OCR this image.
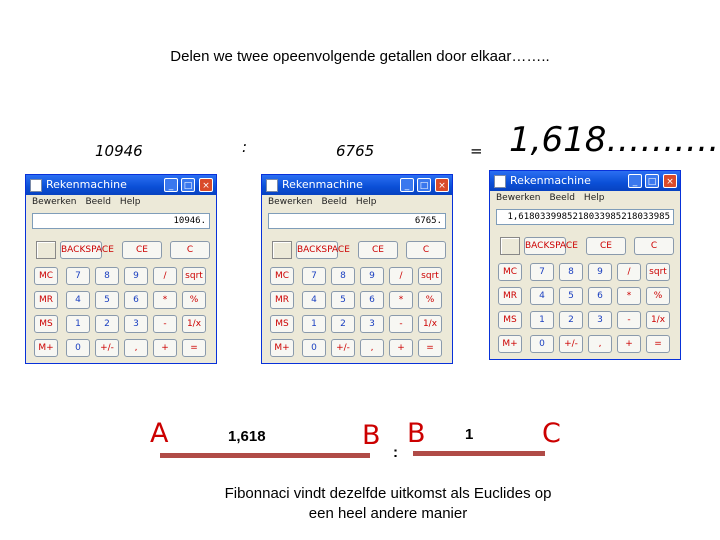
Delen we twee opeenvolgende getallen door elkaar……..
10946	:	6765	= 1,618……….
Rekenmachine	_	□	×
Bewerken Beeld Help
10946.
BACKSPACE	CE	C
MC
MR
MS
M+
7	8	9	/	sqrt
4	5	6	*	%
1	2	3	-	1/x
0	+/-	,	+	=
Rekenmachine	_	□	×
Bewerken Beeld Help
6765.
BACKSPACE	CE	C
MC
MR
MS
M+
7	8	9	/	sqrt
4	5	6	*	%
1	2	3	-	1/x
0	+/-	,	+	=
Rekenmachine	_	□	×
Bewerken Beeld Help
1,6180339985218033985218033985
BACKSPACE	CE	C
MC
MR
MS
M+
7	8	9	/	sqrt
4	5	6	*	%
1	2	3	-	1/x
0	+/-	,	+	=
A	1,618	B B	1	C
:
Fibonnaci vindt dezelfde uitkomst als Euclides op
een heel andere manier
